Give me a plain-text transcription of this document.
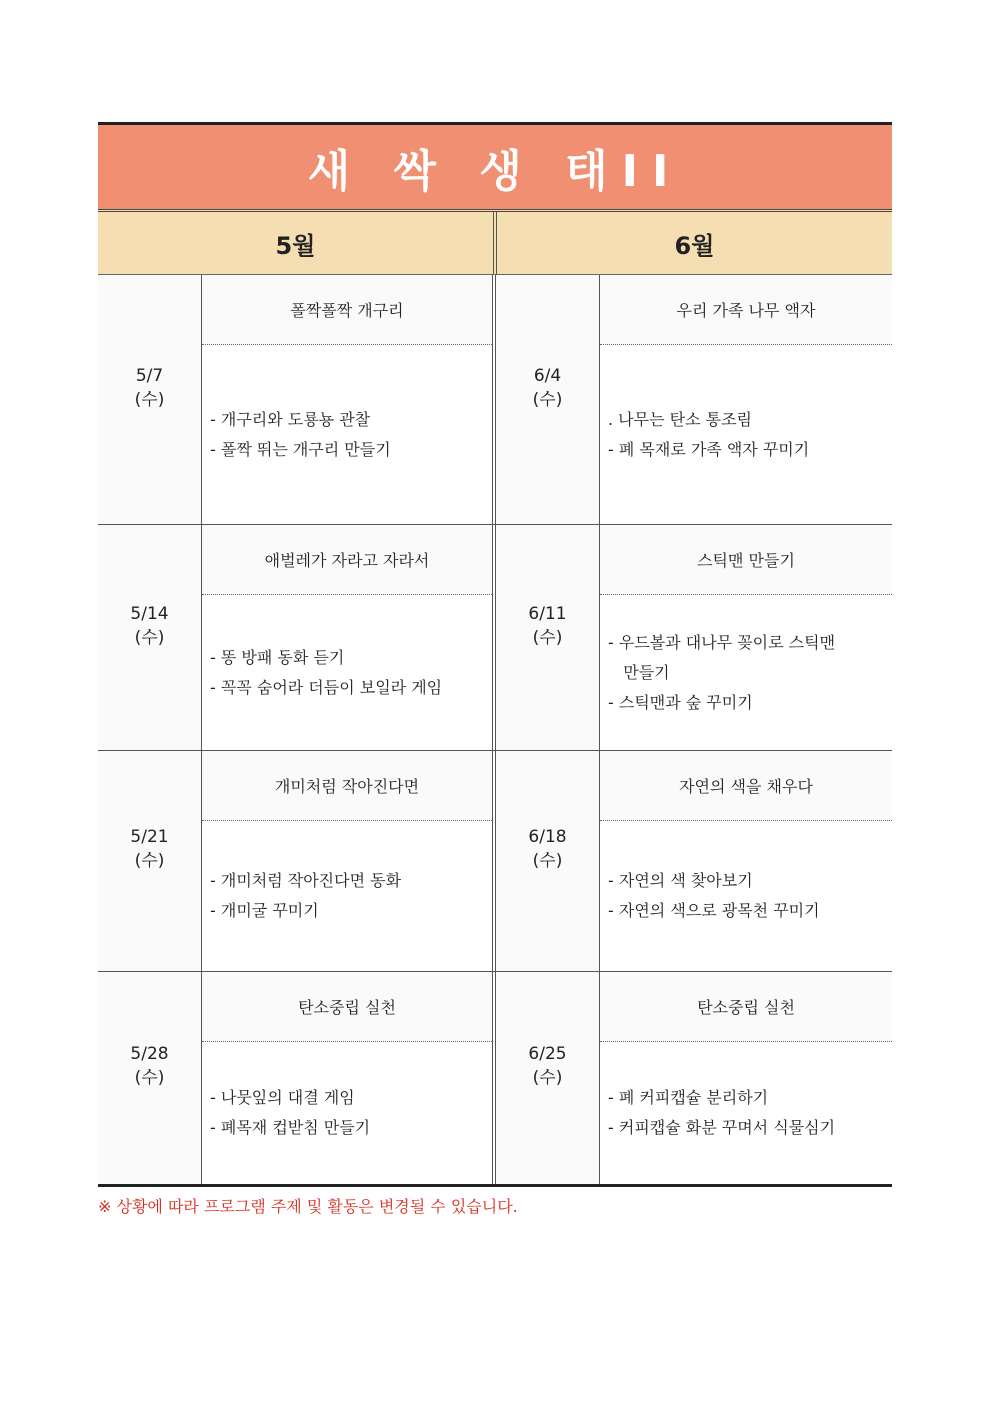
새 싹 생 태II
5월	6월
5/7
(수)
폴짝폴짝 개구리
- 개구리와 도룡뇽 관찰
- 폴짝 뛰는 개구리 만들기
6/4
(수)
우리 가족 나무 액자
. 나무는 탄소 통조림
- 폐 목재로 가족 액자 꾸미기
5/14
(수)
애벌레가 자라고 자라서
- 똥 방패 동화 듣기
- 꼭꼭 숨어라 더듬이 보일라 게임
6/11
(수)
스틱맨 만들기
- 우드볼과 대나무 꽂이로 스틱맨
만들기
- 스틱맨과 숲 꾸미기
5/21
(수)
개미처럼 작아진다면
- 개미처럼 작아진다면 동화
- 개미굴 꾸미기
6/18
(수)
자연의 색을 채우다
- 자연의 색 찾아보기
- 자연의 색으로 광목천 꾸미기
5/28
(수)
탄소중립 실천
- 나뭇잎의 대결 게임
- 폐목재 컵받침 만들기
6/25
(수)
탄소중립 실천
- 폐 커피캡슐 분리하기
- 커피캡슐 화분 꾸며서 식물심기
※ 상황에 따라 프로그램 주제 및 활동은 변경될 수 있습니다.
